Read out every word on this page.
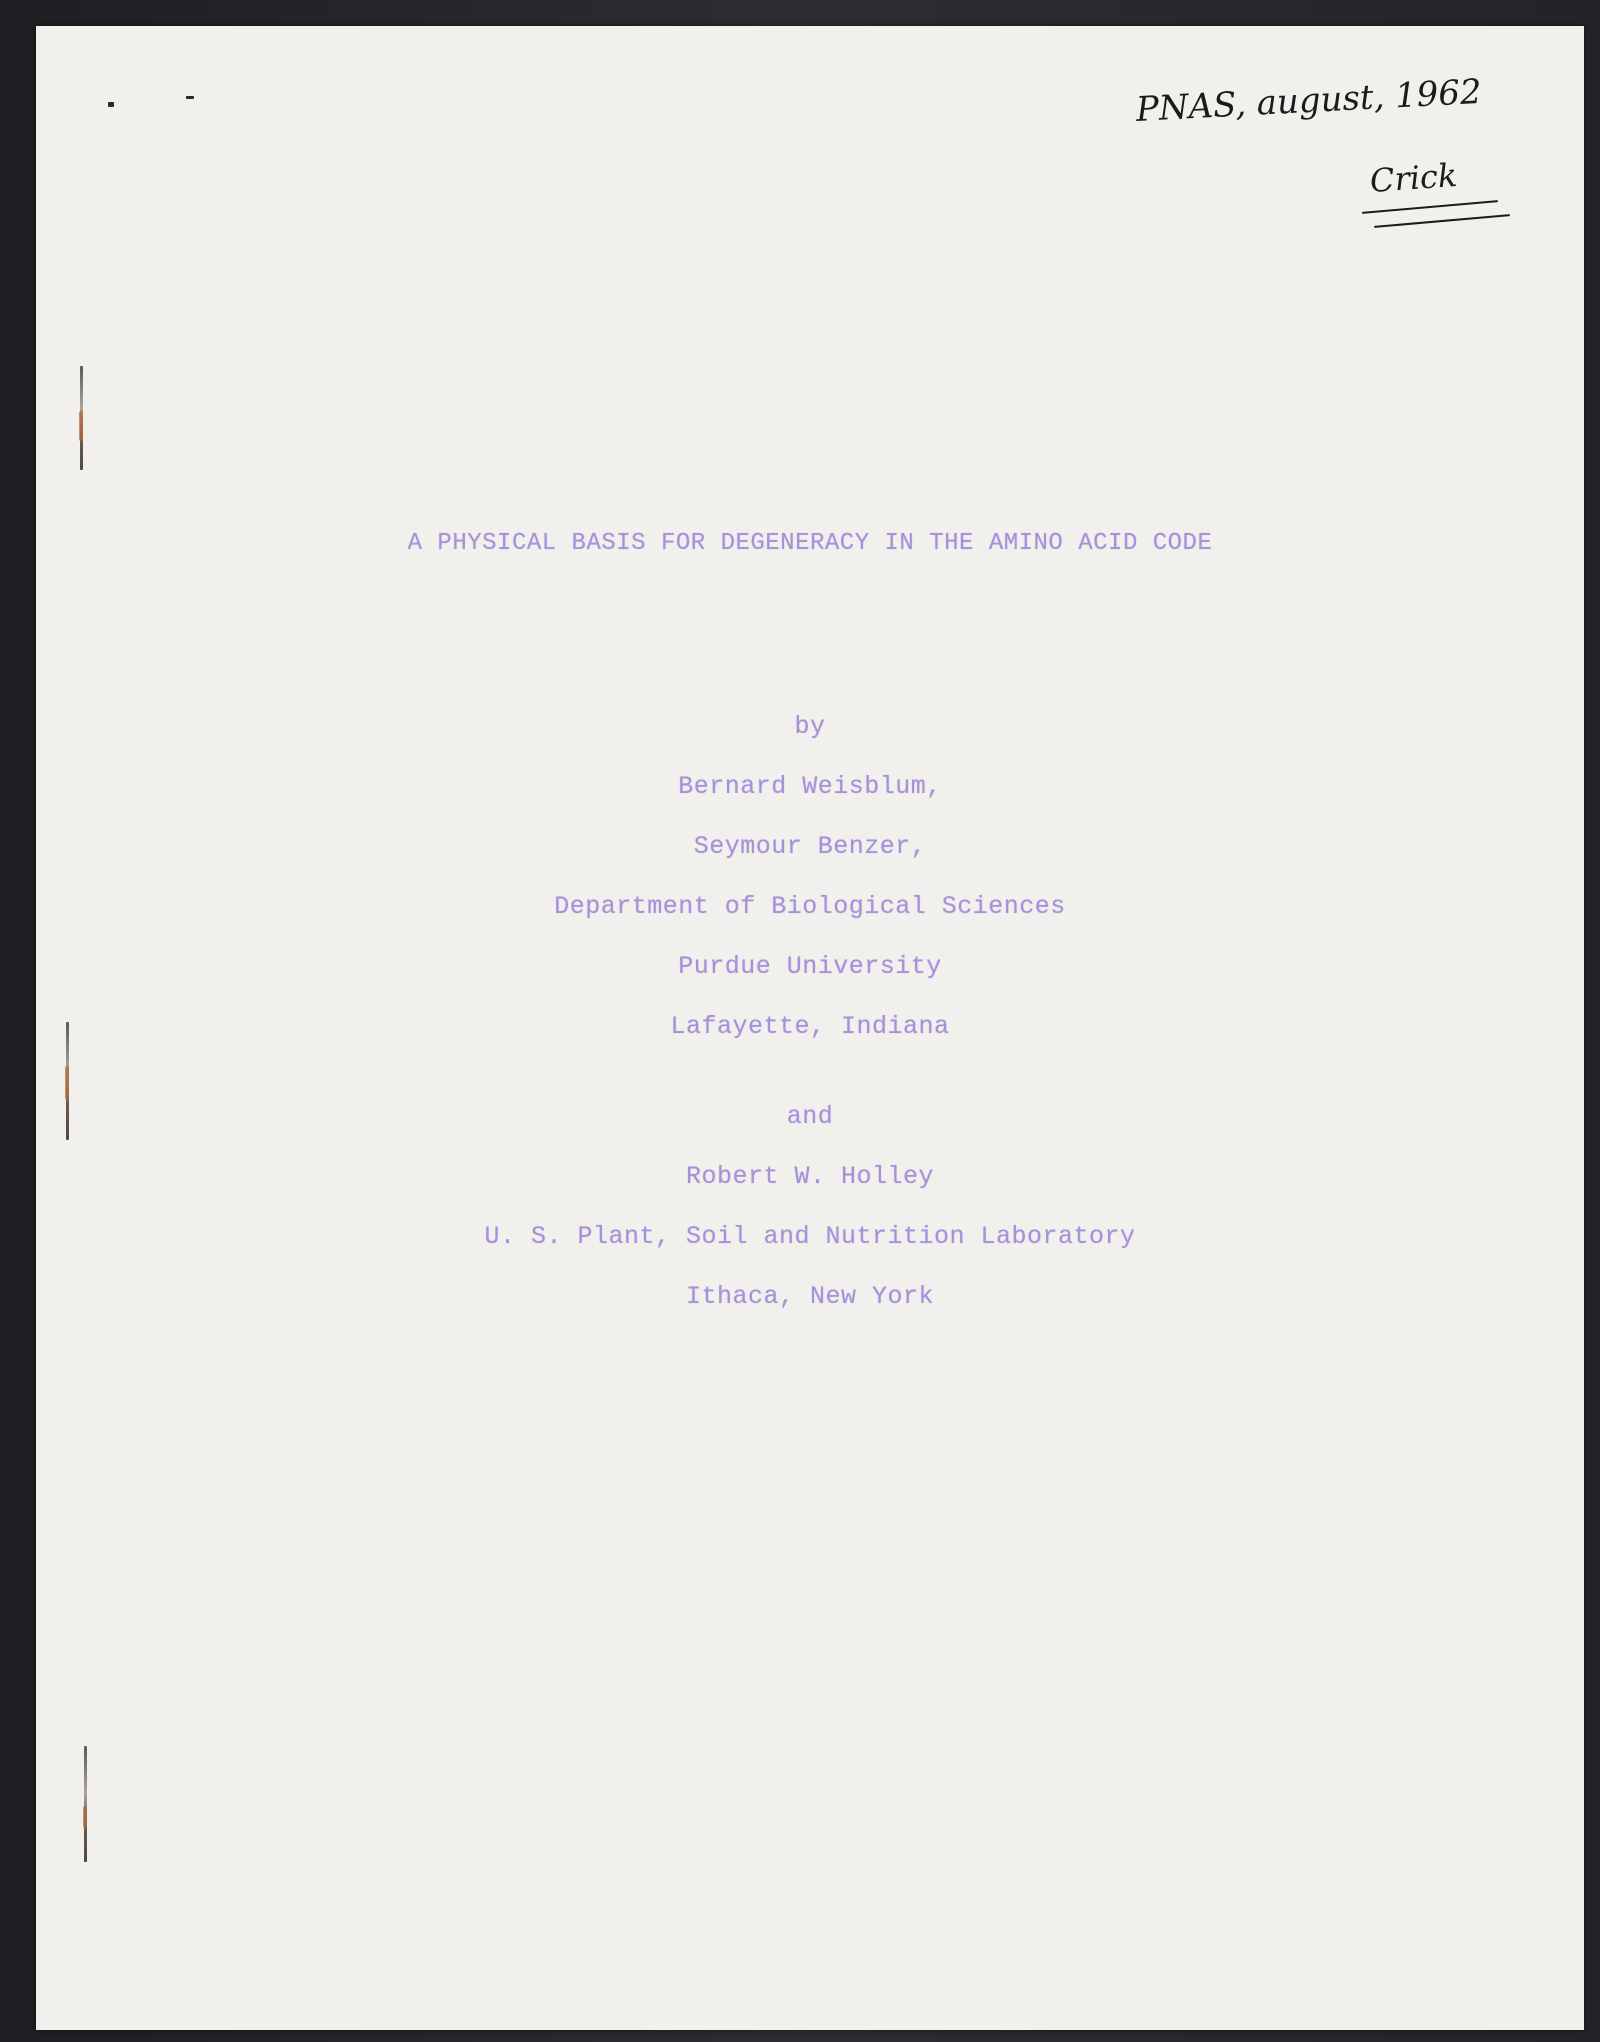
PNAS, august, 1962
Crick
A PHYSICAL BASIS FOR DEGENERACY IN THE AMINO ACID CODE
by
Bernard Weisblum,
Seymour Benzer,
Department of Biological Sciences
Purdue University
Lafayette, Indiana
and
Robert W. Holley
U. S. Plant, Soil and Nutrition Laboratory
Ithaca, New York
